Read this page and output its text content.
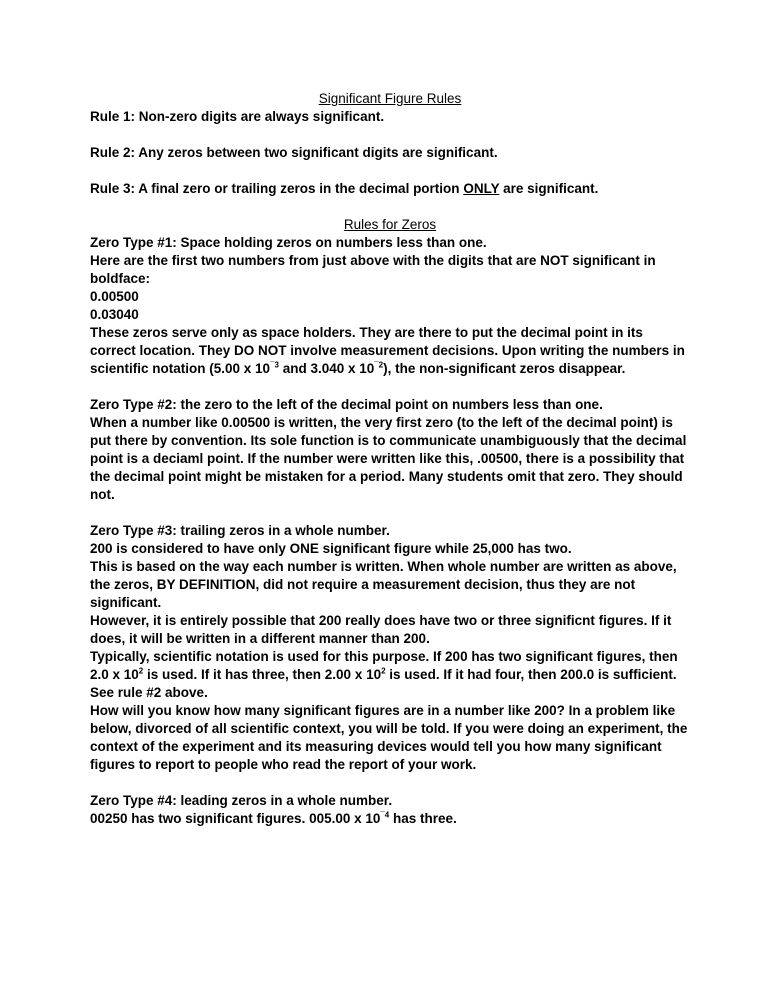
Significant Figure Rules

Rule 1: Non-zero digits are always significant.

Rule 2: Any zeros between two significant digits are significant.

Rule 3: A final zero or trailing zeros in the decimal portion ONLY are significant.

Rules for Zeros

Zero Type #1: Space holding zeros on numbers less than one.

Here are the first two numbers from just above with the digits that are NOT significant in boldface:

0.00500

0.03040

These zeros serve only as space holders. They are there to put the decimal point in its correct location. They DO NOT involve measurement decisions. Upon writing the numbers in scientific notation (5.00 x $10^{¯3}$ and 3.040 x $10^{¯2}$), the non-significant zeros disappear.

Zero Type #2: the zero to the left of the decimal point on numbers less than one.

When a number like 0.00500 is written, the very first zero (to the left of the decimal point) is put there by convention. Its sole function is to communicate unambiguously that the decimal point is a deciaml point. If the number were written like this, .00500, there is a possibility that the decimal point might be mistaken for a period. Many students omit that zero. They should not.

Zero Type #3: trailing zeros in a whole number.

200 is considered to have only ONE significant figure while 25,000 has two.

This is based on the way each number is written. When whole number are written as above, the zeros, BY DEFINITION, did not require a measurement decision, thus they are not significant.

However, it is entirely possible that 200 really does have two or three significnt figures. If it does, it will be written in a different manner than 200.

Typically, scientific notation is used for this purpose. If 200 has two significant figures, then 2.0 x $10^2$ is used. If it has three, then 2.00 x $10^2$ is used. If it had four, then 200.0 is sufficient. See rule #2 above.

How will you know how many significant figures are in a number like 200? In a problem like below, divorced of all scientific context, you will be told. If you were doing an experiment, the context of the experiment and its measuring devices would tell you how many significant figures to report to people who read the report of your work.

Zero Type #4: leading zeros in a whole number.

00250 has two significant figures. 005.00 x $10^{¯4}$ has three.
